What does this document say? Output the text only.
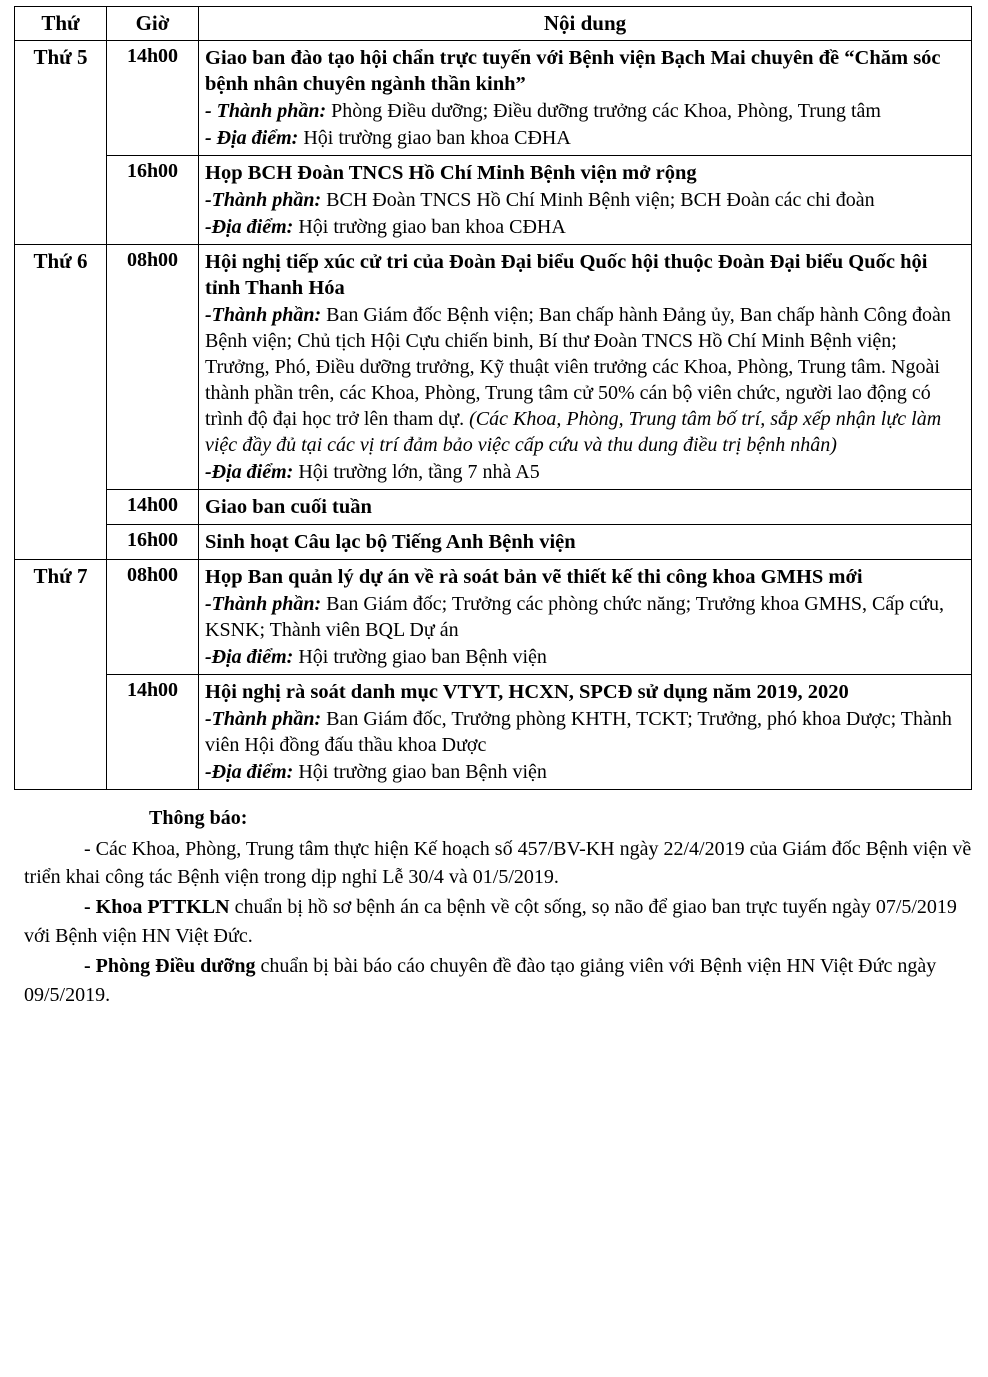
Thứ	Giờ	Nội dung
Thứ 5	14h00	Giao ban đào tạo hội chẩn trực tuyến với Bệnh viện Bạch Mai chuyên đề “Chăm sóc bệnh nhân chuyên ngành thần kinh”
- Thành phần: Phòng Điều dưỡng; Điều dưỡng trưởng các Khoa, Phòng, Trung tâm
- Địa điểm: Hội trường giao ban khoa CĐHA

	16h00	Họp BCH Đoàn TNCS Hồ Chí Minh Bệnh viện mở rộng
-Thành phần: BCH Đoàn TNCS Hồ Chí Minh Bệnh viện; BCH Đoàn các chi đoàn
-Địa điểm: Hội trường giao ban khoa CĐHA

Thứ 6	08h00	Hội nghị tiếp xúc cử tri của Đoàn Đại biểu Quốc hội thuộc Đoàn Đại biểu Quốc hội tỉnh Thanh Hóa
-Thành phần: Ban Giám đốc Bệnh viện; Ban chấp hành Đảng ủy, Ban chấp hành Công đoàn Bệnh viện; Chủ tịch Hội Cựu chiến binh, Bí thư Đoàn TNCS Hồ Chí Minh Bệnh viện; Trưởng, Phó, Điều dưỡng trưởng, Kỹ thuật viên trưởng các Khoa, Phòng, Trung tâm. Ngoài thành phần trên, các Khoa, Phòng, Trung tâm cử 50% cán bộ viên chức, người lao động có trình độ đại học trở lên tham dự. (Các Khoa, Phòng, Trung tâm bố trí, sắp xếp nhận lực làm việc đầy đủ tại các vị trí đảm bảo việc cấp cứu và thu dung điều trị bệnh nhân)
-Địa điểm: Hội trường lớn, tầng 7 nhà A5

	14h00	Giao ban cuối tuần

	16h00	Sinh hoạt Câu lạc bộ Tiếng Anh Bệnh viện

Thứ 7	08h00	Họp Ban quản lý dự án về rà soát bản vẽ thiết kế thi công khoa GMHS mới
-Thành phần: Ban Giám đốc; Trưởng các phòng chức năng; Trưởng khoa GMHS, Cấp cứu, KSNK; Thành viên BQL Dự án
-Địa điểm: Hội trường giao ban Bệnh viện

	14h00	Hội nghị rà soát danh mục VTYT, HCXN, SPCĐ sử dụng năm 2019, 2020
-Thành phần: Ban Giám đốc, Trưởng phòng KHTH, TCKT; Trưởng, phó khoa Dược; Thành viên Hội đồng đấu thầu khoa Dược
-Địa điểm: Hội trường giao ban Bệnh viện
Thông báo:

- Các Khoa, Phòng, Trung tâm thực hiện Kế hoạch số 457/BV-KH ngày 22/4/2019 của Giám đốc Bệnh viện về triển khai công tác Bệnh viện trong dịp nghỉ Lễ 30/4 và 01/5/2019.

- Khoa PTTKLN chuẩn bị hồ sơ bệnh án ca bệnh về cột sống, sọ não để giao ban trực tuyến ngày 07/5/2019 với Bệnh viện HN Việt Đức.

- Phòng Điều dưỡng chuẩn bị bài báo cáo chuyên đề đào tạo giảng viên với Bệnh viện HN Việt Đức ngày 09/5/2019.
